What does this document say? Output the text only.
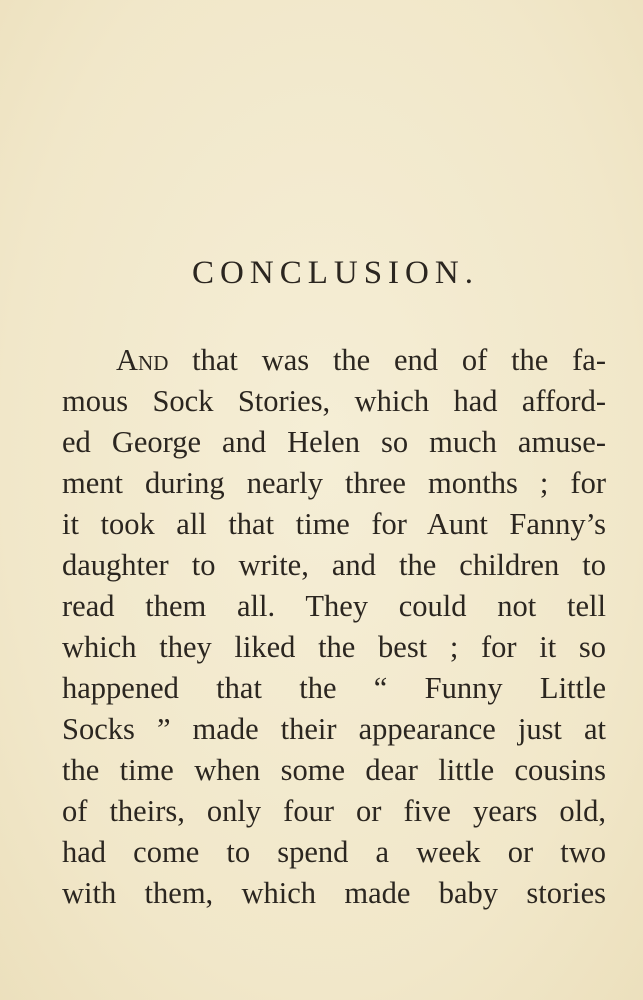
CONCLUSION.
And that was the end of the fa-
mous Sock Stories, which had afford-
ed George and Helen so much amuse-
ment during nearly three months ; for
it took all that time for Aunt Fanny’s
daughter to write, and the children to
read them all. They could not tell
which they liked the best ; for it so
happened that the “ Funny Little
Socks ” made their appearance just at
the time when some dear little cousins
of theirs, only four or five years old,
had come to spend a week or two
with them, which made baby stories
